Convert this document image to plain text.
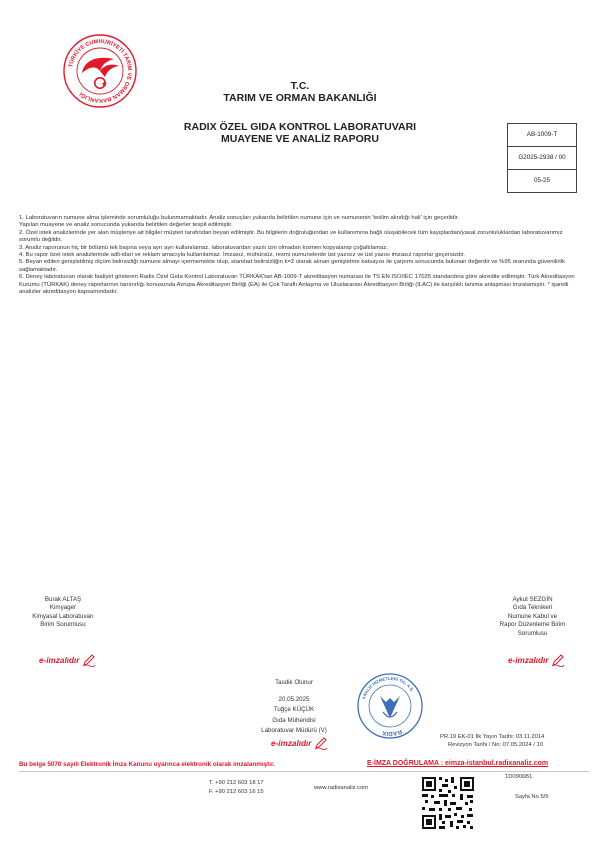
TÜRKİYE CUMHURİYETİ TARIM VE ORMAN BAKANLIĞI
T.C.
TARIM VE ORMAN BAKANLIĞI
RADIX ÖZEL GIDA KONTROL LABORATUVARI
MUAYENE VE ANALİZ RAPORU	AB-1009-T
G2025-2938 / 00
05-25

1. Laboratuvarın numune alma işleminde sorumluluğu bulunmamaktadır. Analiz sonuçları yukarıda belirtilen numune için ve numunenin 'teslim alındığı hali' için geçerlidir.

Yapılan muayene ve analiz sonucunda yukarıda belirtilen değerler tespit edilmiştir.

2. Özel istek analizlerinde yer alan müşteriye ait bilgiler müşteri tarafından beyan edilmiştir. Bu bilgilerin doğruluğundan ve kullanımına bağlı oluşabilecek tüm kayıplardan/yasal zorunluluklardan laboratuvarımız sorumlu değildir.

3. Analiz raporunun hiç bir bölümü tek başına veya ayrı ayrı kullanılamaz, laboratuvardan yazılı izni olmadan kısmen kopyalanıp çoğaltılamaz.

4. Bu rapor özel istek analizlerinde adli-idari ve reklam amacıyla kullanılamaz. İmzasız, mühürsüz, resmi numunelerde üst yazısız ve üst yazısı imzasız raporlar geçersizdir.

5. Beyan edilen genişletilmiş ölçüm belirsizliği numune almayı içermemekte olup, standart belirsizliğin k=2 olarak alınan genişletme katsayısı ile çarpımı sonucunda bulunan değerdir ve %95 oranında güvenilirlik sağlamaktadır.

6. Deney laboratuvarı olarak faaliyet gösteren Radix Özel Gıda Kontrol Laboratuvarı TÜRKAK'tan AB-1009-T akreditasyon numarası ile TS EN ISO/IEC 17025 standardına göre akredite edilmiştir. Türk Akreditasyon Kurumu (TÜRKAK) deney raporlarının tanınırlığı konusunda Avrupa Akreditasyon Birliği (EA) ile Çok Taraflı Anlaşma ve Uluslararası Akreditasyon Birliği (ILAC) ile karşılıklı tanıma anlaşması imzalamıştır. * işaretli analizler akreditasyon kapsamındadır.

Burak ALTAŞ
Kimyager
Kimyasal Laboratuvarı
Birim Sorumlusu
e-imzalıdır
Aykut SEZGİN
Gıda Teknikeri
Numune Kabul ve
Rapor Düzenleme Birim
Sorumlusu
e-imzalıdır
Tasdik Olunur
20.05.2025
Tuğçe KÜÇÜK
Gıda Mühendisi
Laboratuvar Müdürü (V)
e-imzalıdır
RADIX
ANALİZ HİZMETLERİ TİC. A.Ş.
PR.19 EK-01 İlk Yayın Tarihi: 03.11.2014
Revizyon Tarihi / No: 07.05.2024 / 10
Bu belge 5070 sayılı Elektronik İmza Kanunu uyarınca elektronik olarak imzalanmıştır.	E-İMZA DOĞRULAMA : eimza-istanbul.radixanaliz.com
T. +90 212 603 18 17
F. +90 212 603 16 15
www.radixanaliz.com
1D0906B1
Sayfa No 5/5
